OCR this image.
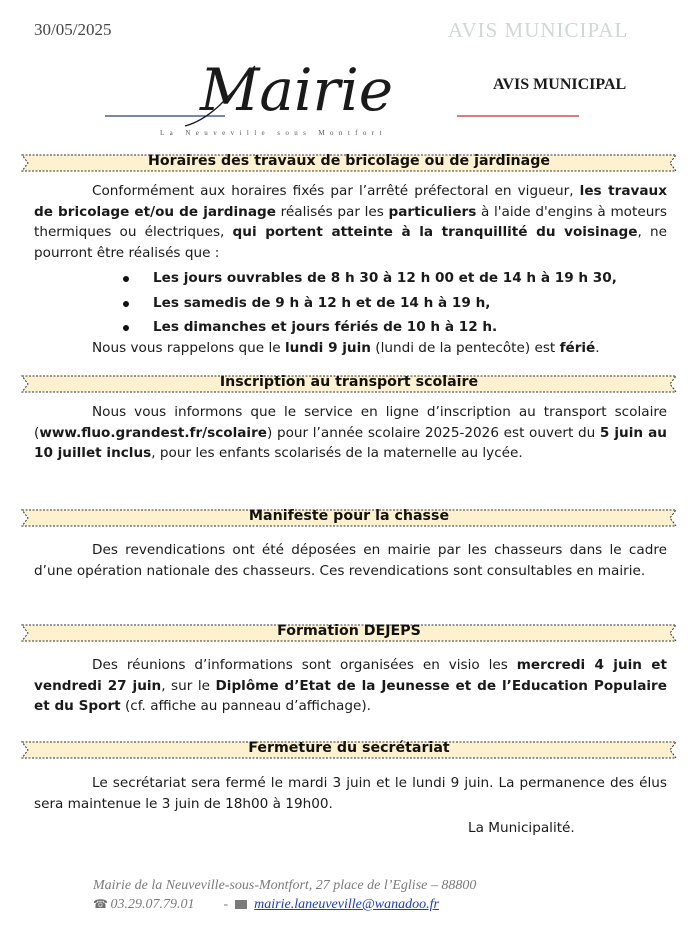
30/05/2025	AVIS MUNICIPAL
Mairie
La Neuveville sous Montfort
AVIS MUNICIPAL
Horaires des travaux de bricolage ou de jardinage
Conformément aux horaires fixés par l’arrêté préfectoral en vigueur, les travaux de bricolage et/ou de jardinage réalisés par les particuliers à l'aide d'engins à moteurs thermiques ou électriques, qui portent atteinte à la tranquillité du voisinage, ne pourront être réalisés que :
Les jours ouvrables de 8 h 30 à 12 h 00 et de 14 h à 19 h 30,
Les samedis de 9 h à 12 h et de 14 h à 19 h,
Les dimanches et jours fériés de 10 h à 12 h.
Nous vous rappelons que le lundi 9 juin (lundi de la pentecôte) est férié.
Inscription au transport scolaire
Nous vous informons que le service en ligne d’inscription au transport scolaire (www.fluo.grandest.fr/scolaire) pour l’année scolaire 2025-2026 est ouvert du 5 juin au 10 juillet inclus, pour les enfants scolarisés de la maternelle au lycée.
Manifeste pour la chasse
Des revendications ont été déposées en mairie par les chasseurs dans le cadre d’une opération nationale des chasseurs. Ces revendications sont consultables en mairie.
Formation DEJEPS
Des réunions d’informations sont organisées en visio les mercredi 4 juin et vendredi 27 juin, sur le Diplôme d’Etat de la Jeunesse et de l’Education Populaire et du Sport (cf. affiche au panneau d’affichage).
Fermeture du secrétariat
Le secrétariat sera fermé le mardi 3 juin et le lundi 9 juin. La permanence des élus sera maintenue le 3 juin de 18h00 à 19h00.
La Municipalité.
Mairie de la Neuveville-sous-Montfort, 27 place de l’Eglise – 88800
☎ 03.29.07.79.01 - mairie.laneuveville@wanadoo.fr
